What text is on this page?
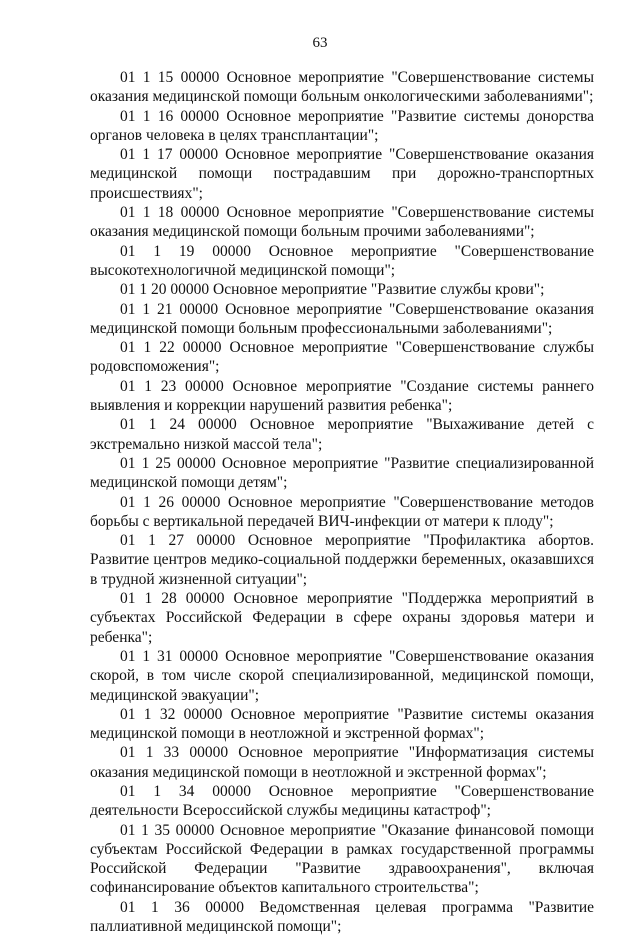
63

01 1 15 00000 Основное мероприятие "Совершенствование системы оказания медицинской помощи больным онкологическими заболеваниями";

01 1 16 00000 Основное мероприятие "Развитие системы донорства органов человека в целях трансплантации";

01 1 17 00000 Основное мероприятие "Совершенствование оказания медицинской помощи пострадавшим при дорожно-транспортных происшествиях";

01 1 18 00000 Основное мероприятие "Совершенствование системы оказания медицинской помощи больным прочими заболеваниями";

01 1 19 00000 Основное мероприятие "Совершенствование высокотехнологичной медицинской помощи";

01 1 20 00000 Основное мероприятие "Развитие службы крови";

01 1 21 00000 Основное мероприятие "Совершенствование оказания медицинской помощи больным профессиональными заболеваниями";

01 1 22 00000 Основное мероприятие "Совершенствование службы родовспоможения";

01 1 23 00000 Основное мероприятие "Создание системы раннего выявления и коррекции нарушений развития ребенка";

01 1 24 00000 Основное мероприятие "Выхаживание детей с экстремально низкой массой тела";

01 1 25 00000 Основное мероприятие "Развитие специализированной медицинской помощи детям";

01 1 26 00000 Основное мероприятие "Совершенствование методов борьбы с вертикальной передачей ВИЧ-инфекции от матери к плоду";

01 1 27 00000 Основное мероприятие "Профилактика абортов. Развитие центров медико-социальной поддержки беременных, оказавшихся в трудной жизненной ситуации";

01 1 28 00000 Основное мероприятие "Поддержка мероприятий в субъектах Российской Федерации в сфере охраны здоровья матери и ребенка";

01 1 31 00000 Основное мероприятие "Совершенствование оказания скорой, в том числе скорой специализированной, медицинской помощи, медицинской эвакуации";

01 1 32 00000 Основное мероприятие "Развитие системы оказания медицинской помощи в неотложной и экстренной формах";

01 1 33 00000 Основное мероприятие "Информатизация системы оказания медицинской помощи в неотложной и экстренной формах";

01 1 34 00000 Основное мероприятие "Совершенствование деятельности Всероссийской службы медицины катастроф";

01 1 35 00000 Основное мероприятие "Оказание финансовой помощи субъектам Российской Федерации в рамках государственной программы Российской Федерации "Развитие здравоохранения", включая софинансирование объектов капитального строительства";

01 1 36 00000 Ведомственная целевая программа "Развитие паллиативной медицинской помощи";
